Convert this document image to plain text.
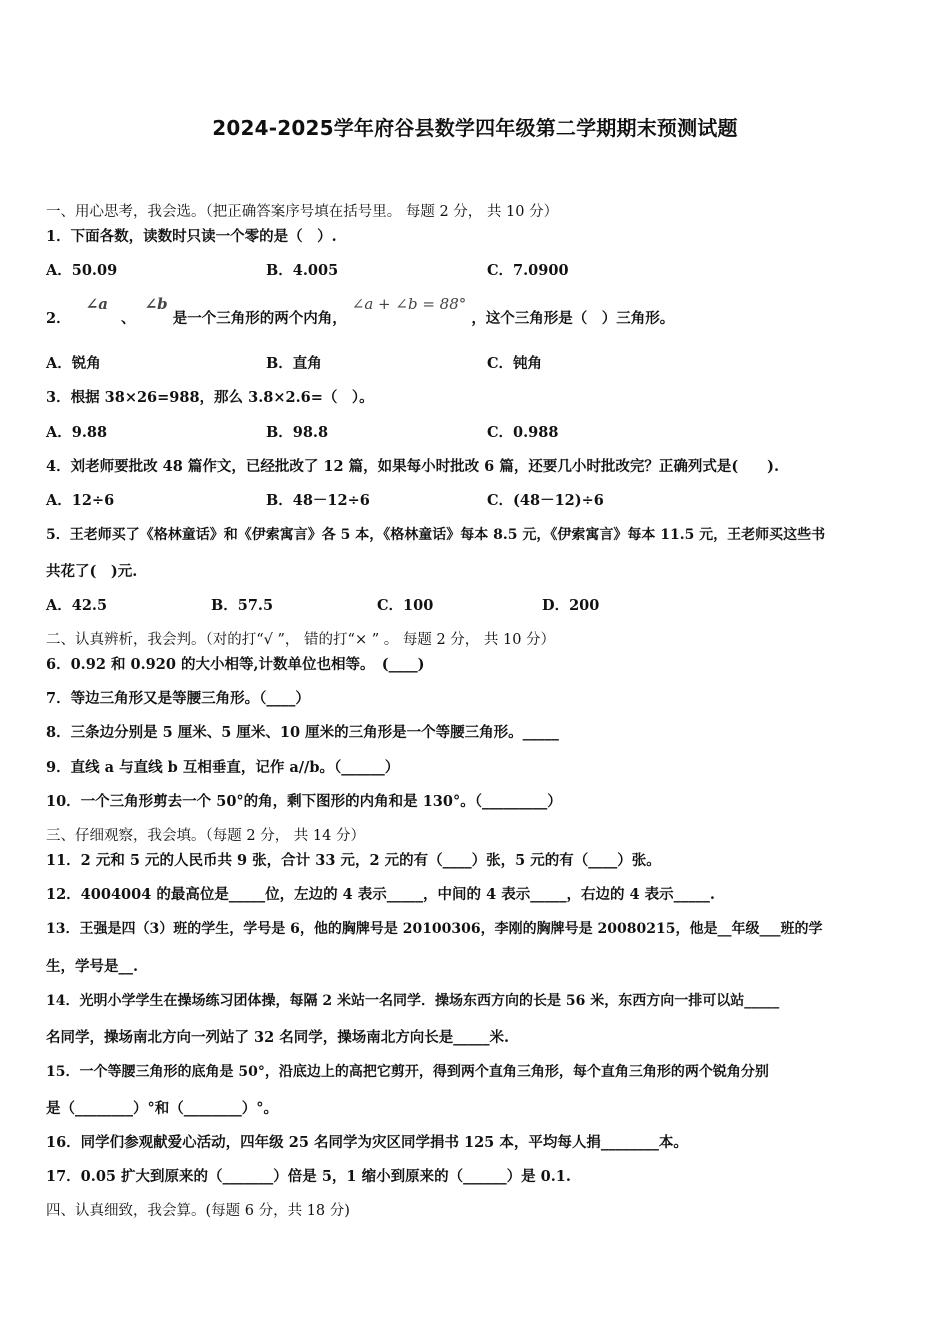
2024-2025学年府谷县数学四年级第二学期期末预测试题
一、用心思考，我会选。（把正确答案序号填在括号里。 每题 2 分， 共 10 分）
1．下面各数，读数时只读一个零的是（　）.
A．50.09	B．4.005	C．7.0900
2． ∠a 、 ∠b 是一个三角形的两个内角， ∠a + ∠b = 88° ，这个三角形是（　）三角形。
A．锐角	B．直角	C．钝角
3．根据 38×26=988，那么 3.8×2.6=（　）。
A．9.88	B．98.8	C．0.988
4．刘老师要批改 48 篇作文，已经批改了 12 篇，如果每小时批改 6 篇，还要几小时批改完？正确列式是(　　).
A．12÷6	B．48－12÷6	C．(48－12)÷6
5．王老师买了《格林童话》和《伊索寓言》各 5 本，《格林童话》每本 8.5 元，《伊索寓言》每本 11.5 元，王老师买这些书
共花了(　)元.
A．42.5	B．57.5	C．100	D．200
二、认真辨析，我会判。（对的打“√ ”， 错的打“× ” 。 每题 2 分， 共 10 分）
6．0.92 和 0.920 的大小相等,计数单位也相等。　(____)
7．等边三角形又是等腰三角形。（____）
8．三条边分别是 5 厘米、5 厘米、10 厘米的三角形是一个等腰三角形。_____
9．直线 a 与直线 b 互相垂直，记作 a//b。（______）
10．一个三角形剪去一个 50°的角，剩下图形的内角和是 130°。（_________）
三、仔细观察，我会填。（每题 2 分， 共 14 分）
11．2 元和 5 元的人民币共 9 张，合计 33 元，2 元的有（____）张，5 元的有（____）张。
12．4004004 的最高位是_____位，左边的 4 表示_____，中间的 4 表示_____，右边的 4 表示_____.
13．王强是四（3）班的学生，学号是 6，他的胸牌号是 20100306，李刚的胸牌号是 20080215，他是__年级___班的学
生，学号是__.
14．光明小学学生在操场练习团体操，每隔 2 米站一名同学．操场东西方向的长是 56 米，东西方向一排可以站_____
名同学，操场南北方向一列站了 32 名同学，操场南北方向长是_____米.
15．一个等腰三角形的底角是 50°，沿底边上的高把它剪开，得到两个直角三角形，每个直角三角形的两个锐角分别
是（________）°和（________）°。
16．同学们参观献爱心活动，四年级 25 名同学为灾区同学捐书 125 本，平均每人捐________本。
17．0.05 扩大到原来的（_______）倍是 5，1 缩小到原来的（______）是 0.1.
四、认真细致，我会算。(每题 6 分，共 18 分)
